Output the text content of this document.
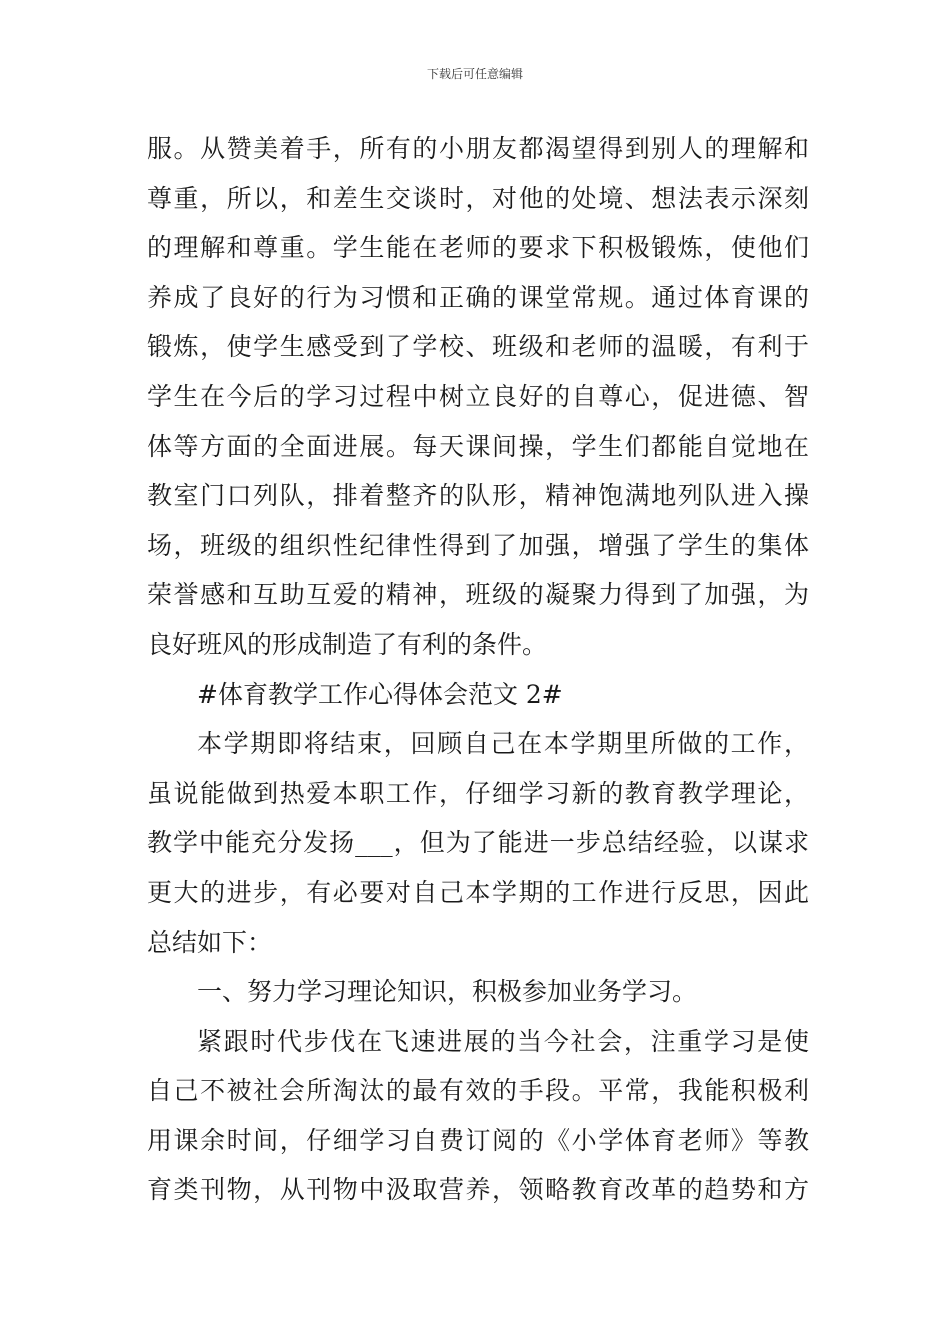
下载后可任意编辑
服。从赞美着手，所有的小朋友都渴望得到别人的理解和
尊重，所以，和差生交谈时，对他的处境、想法表示深刻
的理解和尊重。学生能在老师的要求下积极锻炼，使他们
养成了良好的行为习惯和正确的课堂常规。通过体育课的
锻炼，使学生感受到了学校、班级和老师的温暖，有利于
学生在今后的学习过程中树立良好的自尊心，促进德、智
体等方面的全面进展。每天课间操，学生们都能自觉地在
教室门口列队，排着整齐的队形，精神饱满地列队进入操
场，班级的组织性纪律性得到了加强，增强了学生的集体
荣誉感和互助互爱的精神，班级的凝聚力得到了加强，为
良好班风的形成制造了有利的条件。
#体育教学工作心得体会范文 2#
本学期即将结束，回顾自己在本学期里所做的工作，
虽说能做到热爱本职工作，仔细学习新的教育教学理论，
教学中能充分发扬___，但为了能进一步总结经验，以谋求
更大的进步，有必要对自己本学期的工作进行反思，因此
总结如下：
一、努力学习理论知识，积极参加业务学习。
紧跟时代步伐在飞速进展的当今社会，注重学习是使
自己不被社会所淘汰的最有效的手段。平常，我能积极利
用课余时间，仔细学习自费订阅的《小学体育老师》等教
育类刊物，从刊物中汲取营养，领略教育改革的趋势和方
